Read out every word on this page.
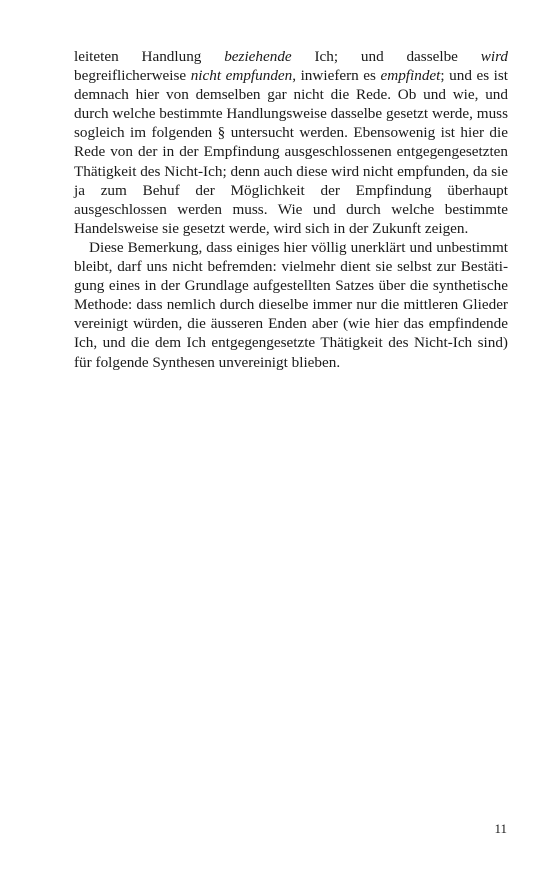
leiteten Handlung beziehende Ich; und dasselbe wird begreiflicherweise nicht empfunden, inwiefern es empfindet; und es ist demnach hier von demselben gar nicht die Rede. Ob und wie, und durch welche bestimmte Handlungsweise dasselbe gesetzt werde, muss sogleich im folgenden § untersucht werden. Ebensowenig ist hier die Rede von der in der Empfindung ausgeschlossenen entgegengesetzten Thätigkeit des Nicht-Ich; denn auch diese wird nicht empfunden, da sie ja zum Behuf der Möglichkeit der Empfindung überhaupt ausgeschlossen werden muss. Wie und durch welche bestimmte Handelsweise sie gesetzt werde, wird sich in der Zukunft zeigen.

Diese Bemerkung, dass einiges hier völlig unerklärt und unbestimmt bleibt, darf uns nicht befremden: vielmehr dient sie selbst zur Bestätigung eines in der Grundlage aufgestellten Satzes über die synthetische Methode: dass nemlich durch dieselbe immer nur die mittleren Glieder vereinigt würden, die äusseren Enden aber (wie hier das empfindende Ich, und die dem Ich entgegengesetzte Thätigkeit des Nicht-Ich sind) für folgende Synthesen unvereinigt blieben.

11
